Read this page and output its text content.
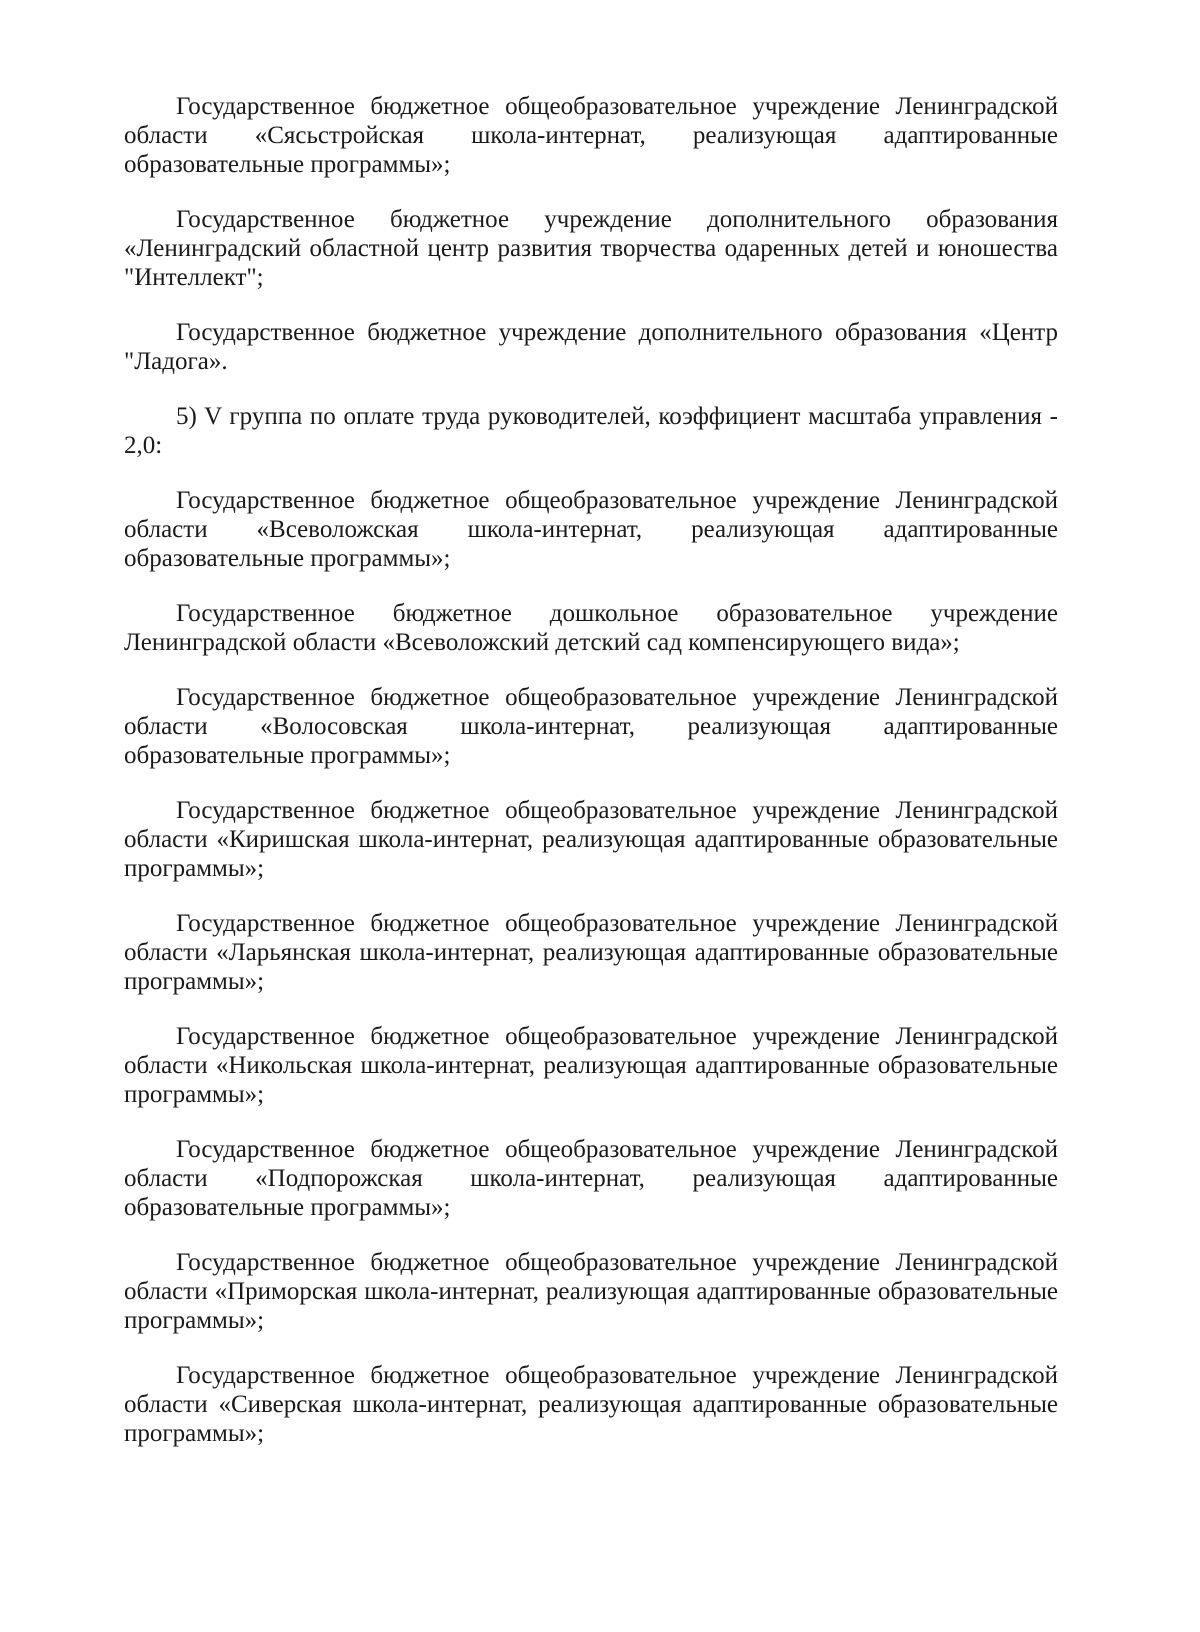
Государственное бюджетное общеобразовательное учреждение Ленинградской области «Сясьстройская школа-интернат, реализующая адаптированные образовательные программы»;

Государственное бюджетное учреждение дополнительного образования «Ленинградский областной центр развития творчества одаренных детей и юношества "Интеллект";

Государственное бюджетное учреждение дополнительного образования «Центр "Ладога».

5) V группа по оплате труда руководителей, коэффициент масштаба управления - 2,0:

Государственное бюджетное общеобразовательное учреждение Ленинградской области «Всеволожская школа-интернат, реализующая адаптированные образовательные программы»;

Государственное бюджетное дошкольное образовательное учреждение Ленинградской области «Всеволожский детский сад компенсирующего вида»;

Государственное бюджетное общеобразовательное учреждение Ленинградской области «Волосовская школа-интернат, реализующая адаптированные образовательные программы»;

Государственное бюджетное общеобразовательное учреждение Ленинградской области «Киришская школа-интернат, реализующая адаптированные образовательные программы»;

Государственное бюджетное общеобразовательное учреждение Ленинградской области «Ларьянская школа-интернат, реализующая адаптированные образовательные программы»;

Государственное бюджетное общеобразовательное учреждение Ленинградской области «Никольская школа-интернат, реализующая адаптированные образовательные программы»;

Государственное бюджетное общеобразовательное учреждение Ленинградской области «Подпорожская школа-интернат, реализующая адаптированные образовательные программы»;

Государственное бюджетное общеобразовательное учреждение Ленинградской области «Приморская школа-интернат, реализующая адаптированные образовательные программы»;

Государственное бюджетное общеобразовательное учреждение Ленинградской области «Сиверская школа-интернат, реализующая адаптированные образовательные программы»;
